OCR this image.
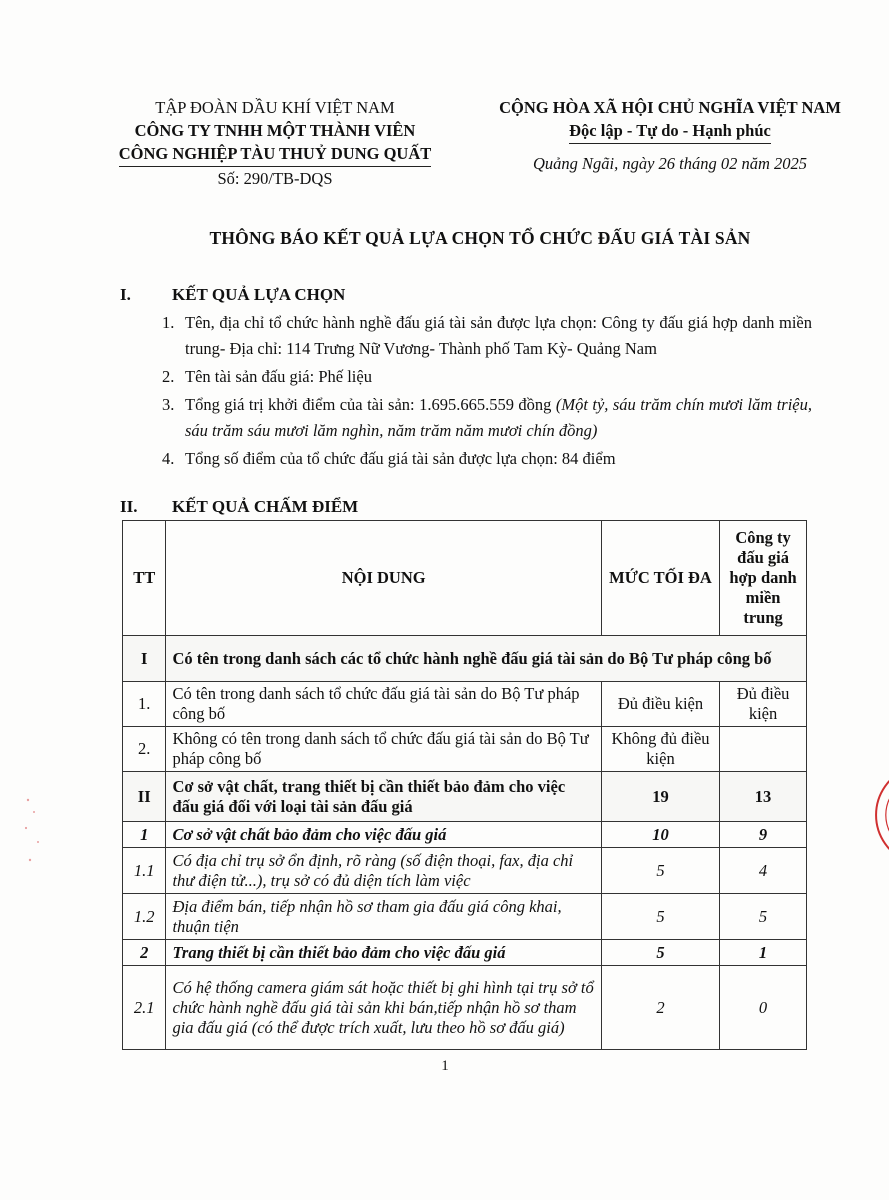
TẬP ĐOÀN DẦU KHÍ VIỆT NAM
CÔNG TY TNHH MỘT THÀNH VIÊN
CÔNG NGHIỆP TÀU THUỶ DUNG QUẤT
Số: 290/TB-DQS
CỘNG HÒA XÃ HỘI CHỦ NGHĨA VIỆT NAM
Độc lập - Tự do - Hạnh phúc
Quảng Ngãi, ngày 26 tháng 02 năm 2025
THÔNG BÁO KẾT QUẢ LỰA CHỌN TỔ CHỨC ĐẤU GIÁ TÀI SẢN
I. KẾT QUẢ LỰA CHỌN
1. Tên, địa chỉ tổ chức hành nghề đấu giá tài sản được lựa chọn: Công ty đấu giá hợp danh miền trung- Địa chỉ: 114 Trưng Nữ Vương- Thành phố Tam Kỳ- Quảng Nam
2. Tên tài sản đấu giá: Phế liệu
3. Tổng giá trị khởi điểm của tài sản: 1.695.665.559 đồng (Một tỷ, sáu trăm chín mươi lăm triệu, sáu trăm sáu mươi lăm nghìn, năm trăm năm mươi chín đồng)
4. Tổng số điểm của tổ chức đấu giá tài sản được lựa chọn: 84 điểm
II. KẾT QUẢ CHẤM ĐIỂM
TT	NỘI DUNG	MỨC TỐI ĐA	Công ty đấu giá hợp danh miền trung
I	Có tên trong danh sách các tổ chức hành nghề đấu giá tài sản do Bộ Tư pháp công bố		
1.	Có tên trong danh sách tổ chức đấu giá tài sản do Bộ Tư pháp công bố	Đủ điều kiện	Đủ điều kiện
2.	Không có tên trong danh sách tổ chức đấu giá tài sản do Bộ Tư pháp công bố	Không đủ điều kiện	
II	Cơ sở vật chất, trang thiết bị cần thiết bảo đảm cho việc đấu giá đối với loại tài sản đấu giá	19	13
1	Cơ sở vật chất bảo đảm cho việc đấu giá	10	9
1.1	Có địa chỉ trụ sở ổn định, rõ ràng (số điện thoại, fax, địa chỉ thư điện tử...), trụ sở có đủ diện tích làm việc	5	4
1.2	Địa điểm bán, tiếp nhận hồ sơ tham gia đấu giá công khai, thuận tiện	5	5
2	Trang thiết bị cần thiết bảo đảm cho việc đấu giá	5	1
2.1	Có hệ thống camera giám sát hoặc thiết bị ghi hình tại trụ sở tổ chức hành nghề đấu giá tài sản khi bán,tiếp nhận hồ sơ tham gia đấu giá (có thể được trích xuất, lưu theo hồ sơ đấu giá)	2	0
1
